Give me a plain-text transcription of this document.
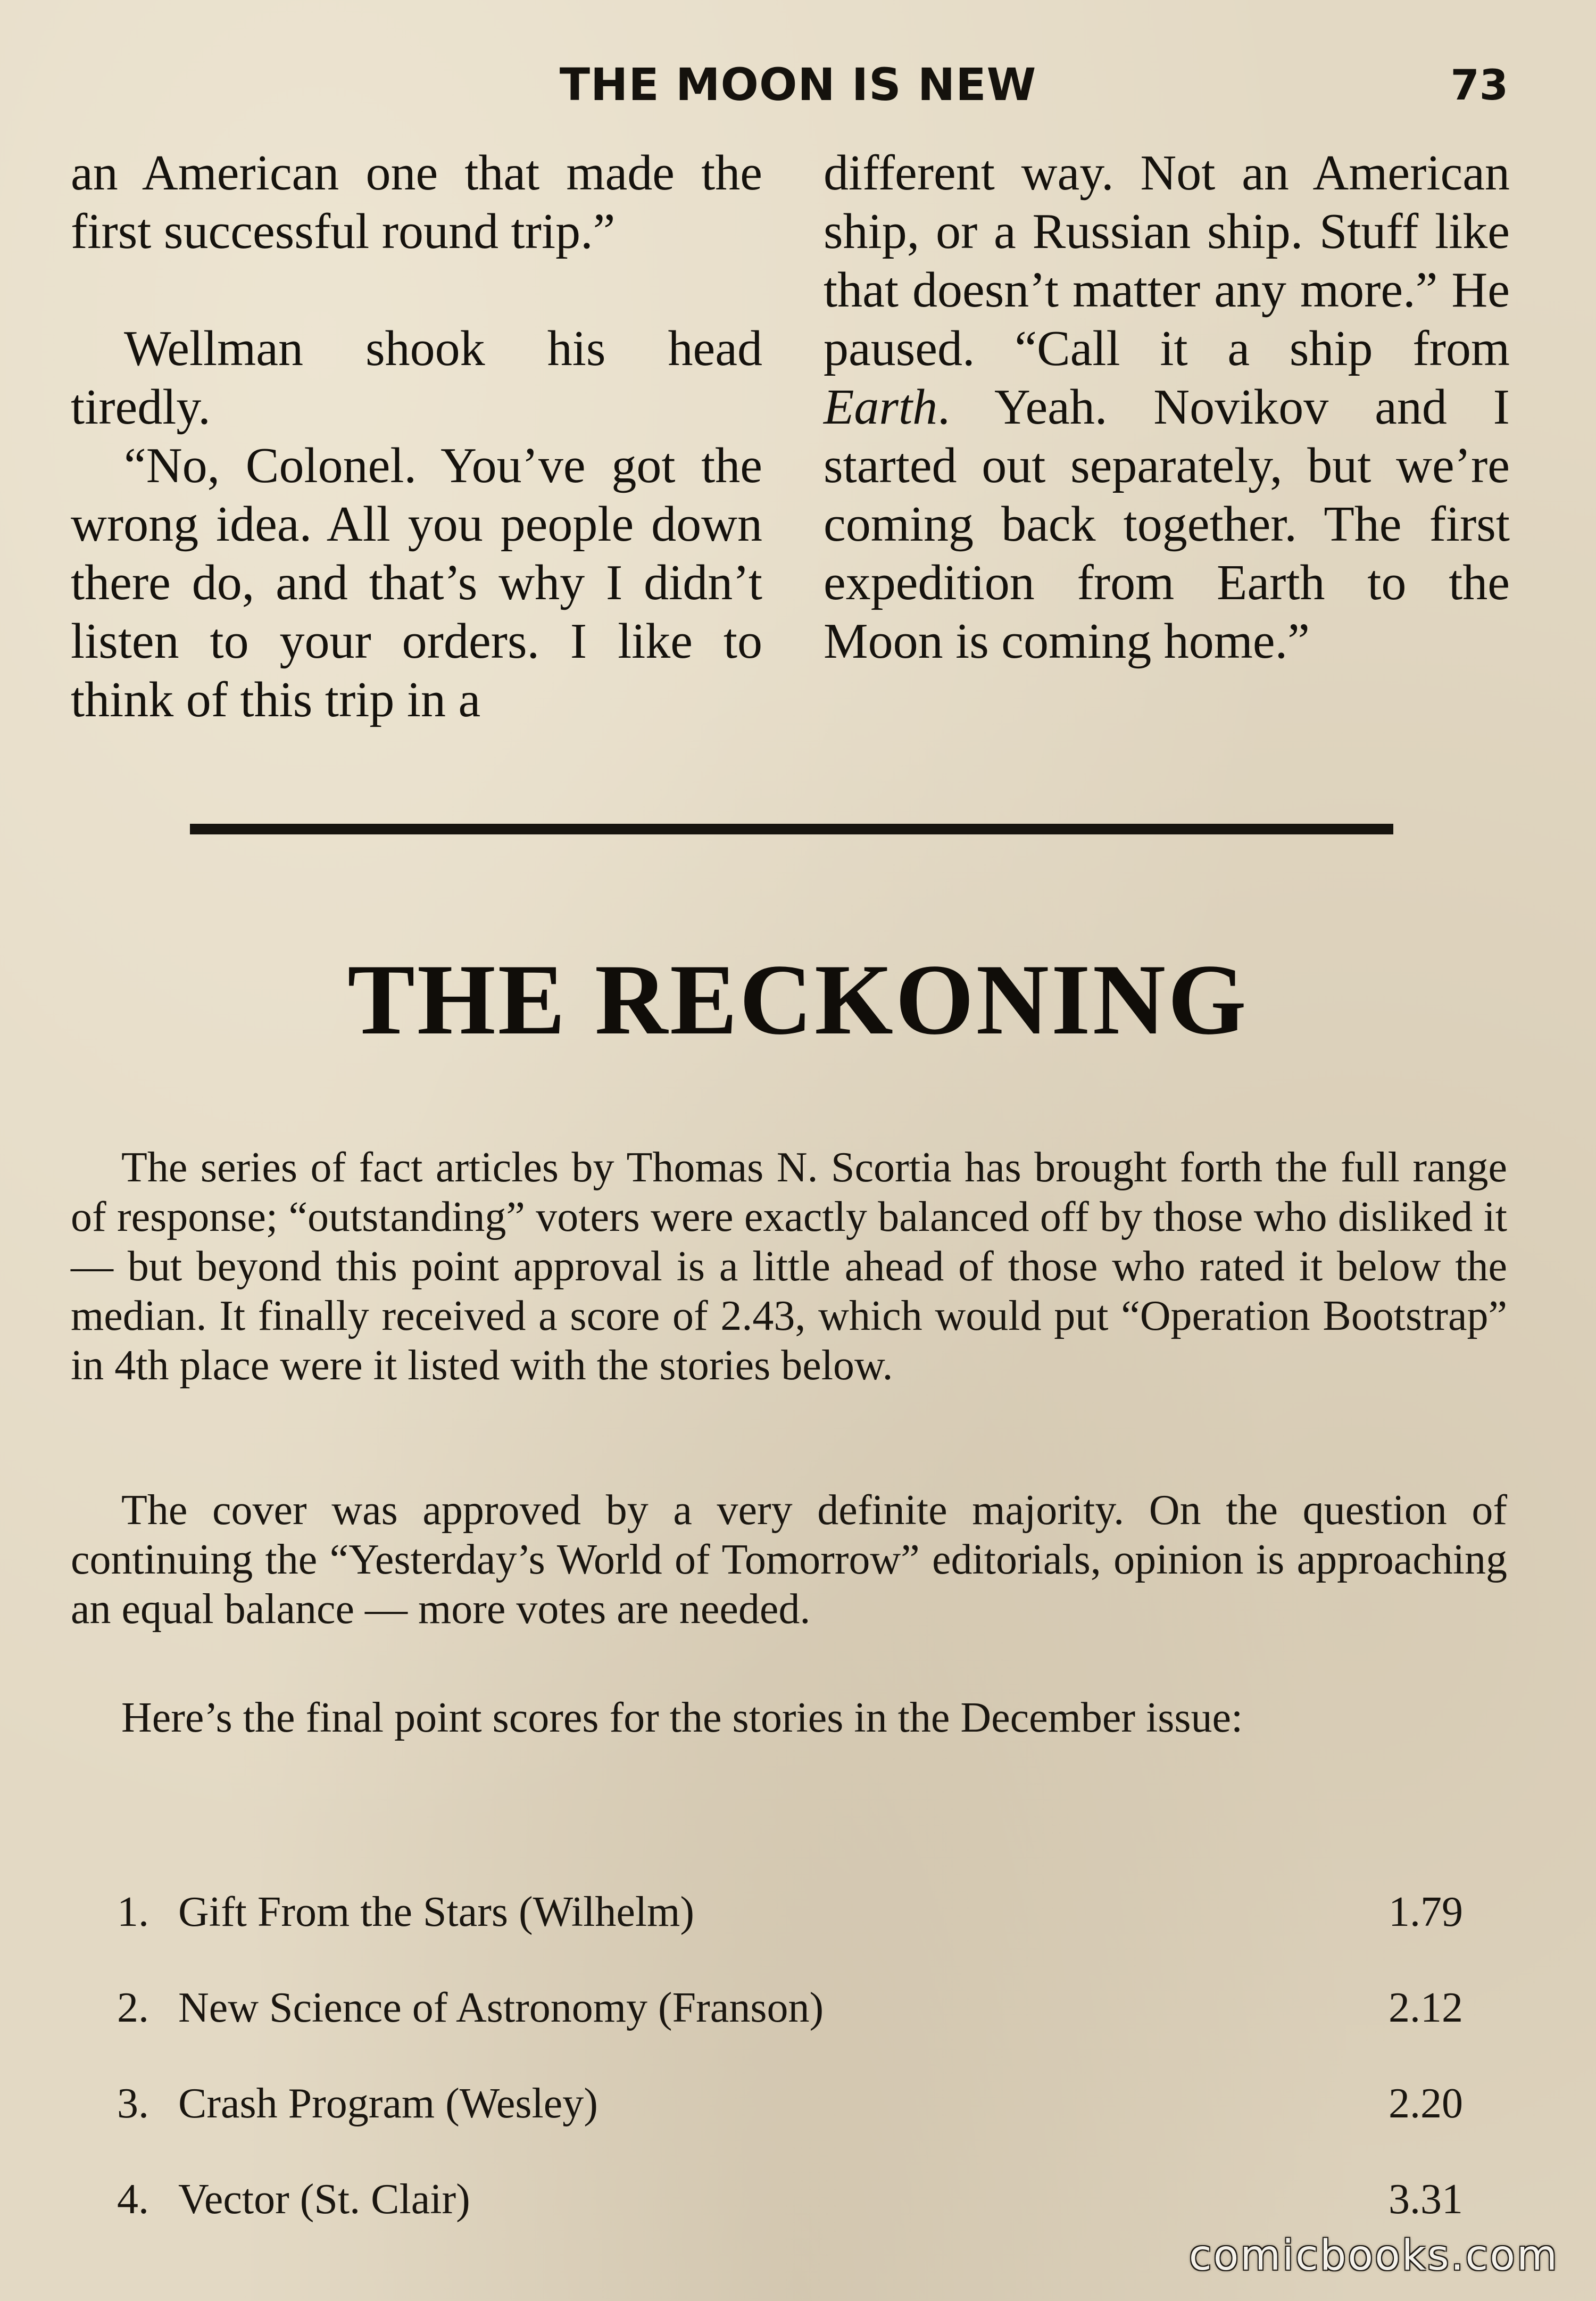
THE MOON IS NEW	73

an American one that made the first successful round trip.”

Wellman shook his head tiredly.

“No, Colonel. You’ve got the wrong idea. All you people down there do, and that’s why I didn’t listen to your orders. I like to think of this trip in a

different way. Not an American ship, or a Russian ship. Stuff like that doesn’t matter any more.” He paused. “Call it a ship from Earth. Yeah. Novikov and I started out separately, but we’re coming back together. The first expedition from Earth to the Moon is coming home.”

THE RECKONING

The series of fact articles by Thomas N. Scortia has brought forth the full range of response; “outstanding” voters were exactly balanced off by those who disliked it — but beyond this point approval is a little ahead of those who rated it below the median. It finally received a score of 2.43, which would put “Operation Bootstrap” in 4th place were it listed with the stories below.

The cover was approved by a very definite majority. On the question of continuing the “Yesterday’s World of Tomorrow” editorials, opinion is approaching an equal balance — more votes are needed.

Here’s the final point scores for the stories in the December issue:

1. Gift From the Stars (Wilhelm)	1.79
2. New Science of Astronomy (Franson)	2.12
3. Crash Program (Wesley)	2.20
4. Vector (St. Clair)	3.31
comicbooks.com
